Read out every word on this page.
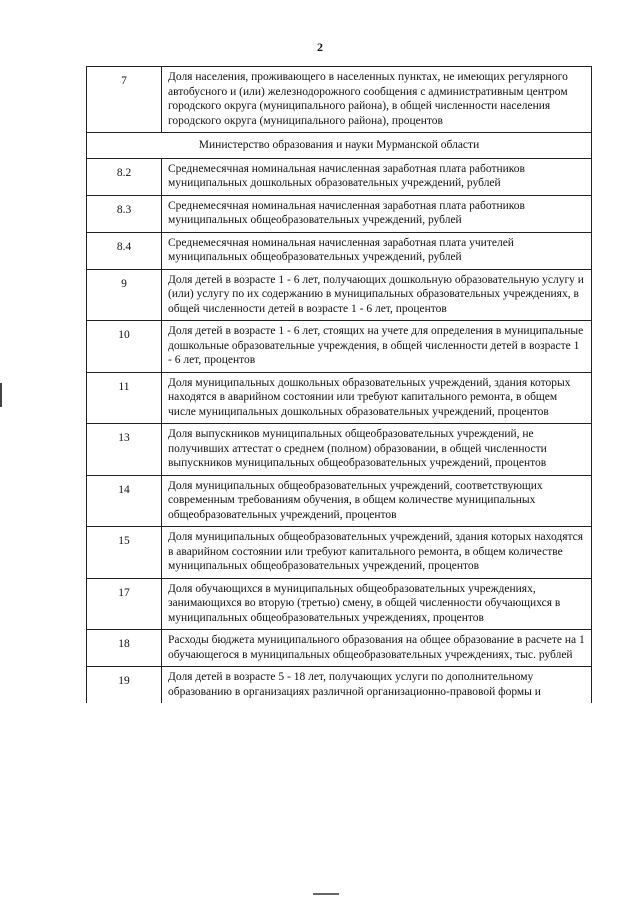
2
7	Доля населения, проживающего в населенных пунктах, не имеющих регулярного автобусного и (или) железнодорожного сообщения с административным центром городского округа (муниципального района), в общей численности населения городского округа (муниципального района), процентов
Министерство образования и науки Мурманской области	
8.2	Среднемесячная номинальная начисленная заработная плата работников муниципальных дошкольных образовательных учреждений, рублей
8.3	Среднемесячная номинальная начисленная заработная плата работников муниципальных общеобразовательных учреждений, рублей
8.4	Среднемесячная номинальная начисленная заработная плата учителей муниципальных общеобразовательных учреждений, рублей
9	Доля детей в возрасте 1 - 6 лет, получающих дошкольную образовательную услугу и (или) услугу по их содержанию в муниципальных образовательных учреждениях, в общей численности детей в возрасте 1 - 6 лет, процентов
10	Доля детей в возрасте 1 - 6 лет, стоящих на учете для определения в муниципальные дошкольные образовательные учреждения, в общей численности детей в возрасте 1 - 6 лет, процентов
11	Доля муниципальных дошкольных образовательных учреждений, здания которых находятся в аварийном состоянии или требуют капитального ремонта, в общем числе муниципальных дошкольных образовательных учреждений, процентов
13	Доля выпускников муниципальных общеобразовательных учреждений, не получивших аттестат о среднем (полном) образовании, в общей численности выпускников муниципальных общеобразовательных учреждений, процентов
14	Доля муниципальных общеобразовательных учреждений, соответствующих современным требованиям обучения, в общем количестве муниципальных общеобразовательных учреждений, процентов
15	Доля муниципальных общеобразовательных учреждений, здания которых находятся в аварийном состоянии или требуют капитального ремонта, в общем количестве муниципальных общеобразовательных учреждений, процентов
17	Доля обучающихся в муниципальных общеобразовательных учреждениях, занимающихся во вторую (третью) смену, в общей численности обучающихся в муниципальных общеобразовательных учреждениях, процентов
18	Расходы бюджета муниципального образования на общее образование в расчете на 1 обучающегося в муниципальных общеобразовательных учреждениях, тыс. рублей
19	Доля детей в возрасте 5 - 18 лет, получающих услуги по дополнительному образованию в организациях различной организационно-правовой формы и
